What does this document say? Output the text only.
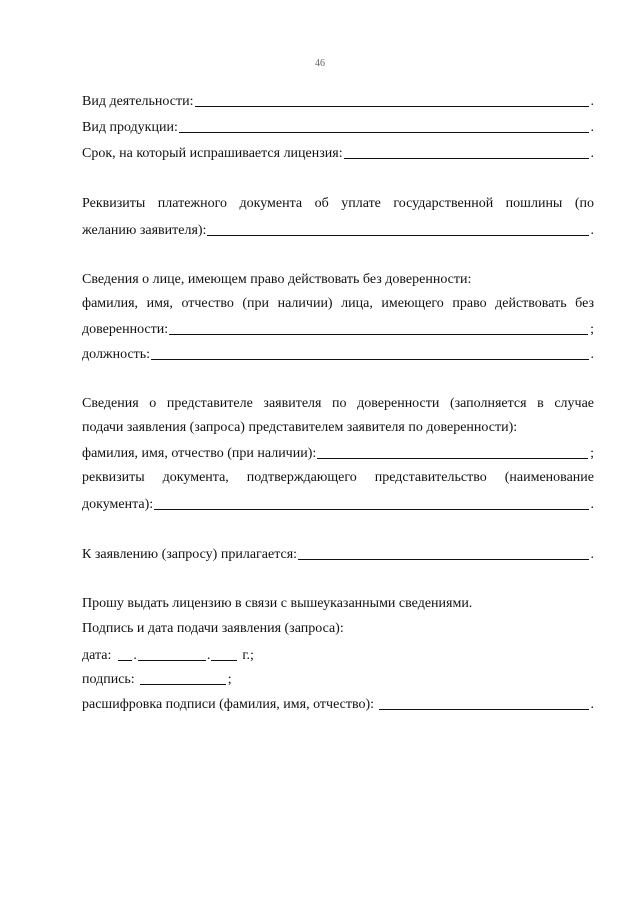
46
Вид деятельности:	.
Вид продукции:	.
Срок, на который испрашивается лицензия:	.
Реквизиты платежного документа об уплате государственной пошлины (по
желанию заявителя):	.
Сведения о лице, имеющем право действовать без доверенности:
фамилия, имя, отчество (при наличии) лица, имеющего право действовать без
доверенности:	;
должность:	.
Сведения о представителе заявителя по доверенности (заполняется в случае
подачи заявления (запроса) представителем заявителя по доверенности):
фамилия, имя, отчество (при наличии):	;
реквизиты документа, подтверждающего представительство (наименование
документа):	.
К заявлению (запросу) прилагается:	.
Прошу выдать лицензию в связи с вышеуказанными сведениями.
Подпись и дата подачи заявления (запроса):
дата: .	. г.;
подпись:	;
расшифровка подписи (фамилия, имя, отчество):	.
